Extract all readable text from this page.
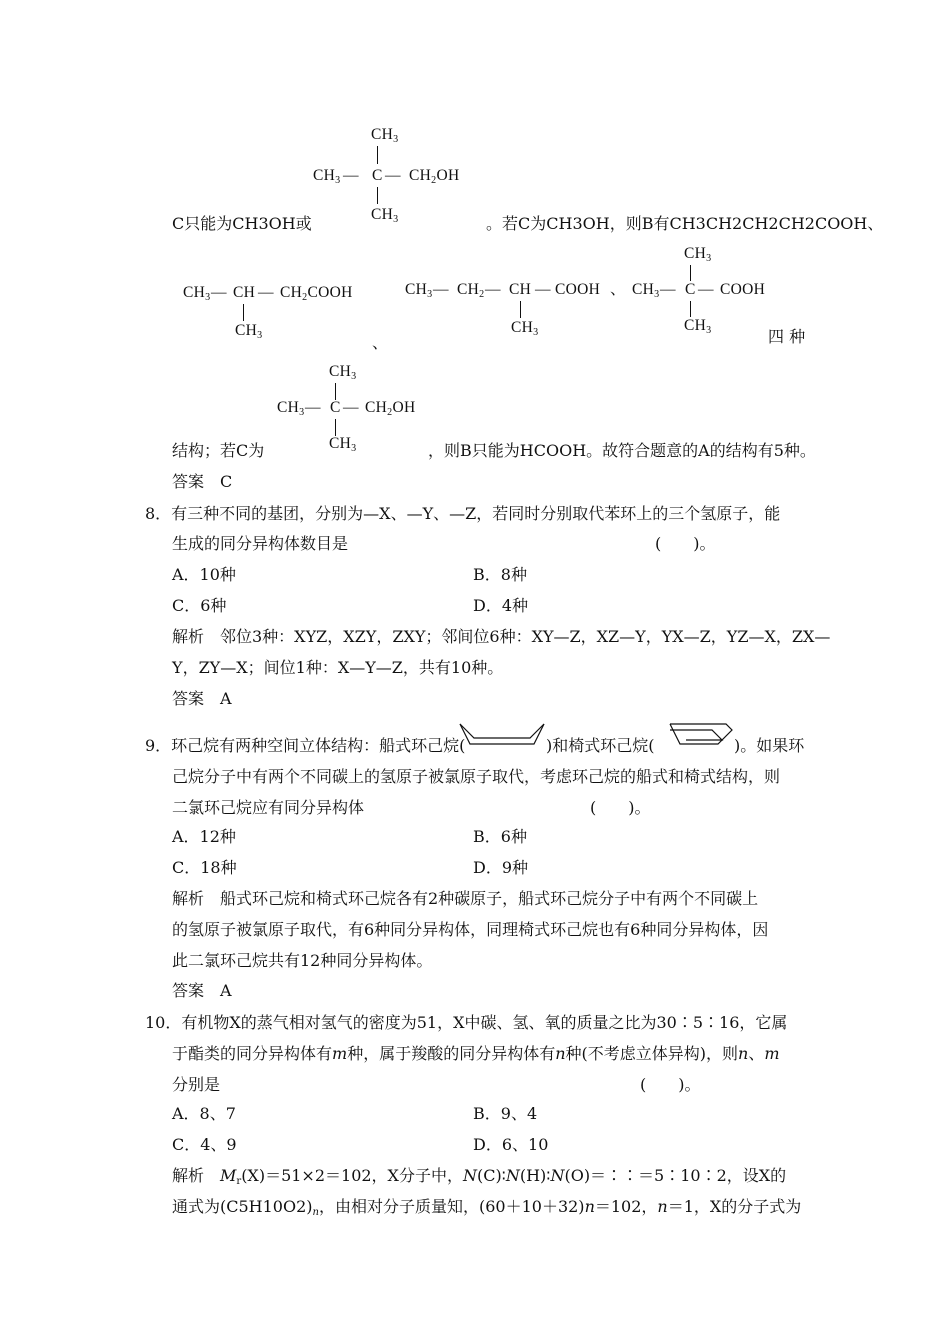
$CH_3$
$CH_3$ — C — $CH_2OH$
$CH_3$
C只能为CH3OH或	。若C为CH3OH，则B有CH3CH2CH2CH2COOH、
$CH_3$ — CH — $CH_2COOH$
$CH_3$	、
$CH_3$ — $CH_2$ — CH — COOH
$CH_3$
、
$CH_3$
$CH_3$ — C — COOH
$CH_3$	四 种
$CH_3$
$CH_3$ — C — $CH_2OH$
$CH_3$
结构；若C为	，则B只能为HCOOH。故符合题意的A的结构有5种。
答案　C
8．有三种不同的基团，分别为—X、—Y、—Z，若同时分别取代苯环上的三个氢原子，能
生成的同分异构体数目是	(　　)。
A．10种	B．8种
C．6种	D．4种
解析　邻位3种：XYZ，XZY，ZXY；邻间位6种：XY—Z，XZ—Y，YX—Z，YZ—X，ZX—
Y，ZY—X；间位1种：X—Y—Z，共有10种。
答案　A
9．环己烷有两种空间立体结构：船式环己烷(	)和椅式环己烷(	)。如果环
己烷分子中有两个不同碳上的氢原子被氯原子取代，考虑环己烷的船式和椅式结构，则
二氯环己烷应有同分异构体	(　　)。
A．12种	B．6种
C．18种	D．9种
解析　船式环己烷和椅式环己烷各有2种碳原子，船式环己烷分子中有两个不同碳上
的氢原子被氯原子取代，有6种同分异构体，同理椅式环己烷也有6种同分异构体，因
此二氯环己烷共有12种同分异构体。
答案　A
10．有机物X的蒸气相对氢气的密度为51，X中碳、氢、氧的质量之比为30∶5∶16，它属
于酯类的同分异构体有m种，属于羧酸的同分异构体有n种(不考虑立体异构)，则n、m
分别是	(　　)。
A．8、7	B．9、4
C．4、9	D．6、10
解析　$M_r(X)=51\times 2=102$，X分子中，N(C)∶N(H)∶N(O)＝∶∶＝5∶10∶2，设X的
通式为$(C5H10O2)_n$，由相对分子质量知，(60＋10＋32)n＝102，n＝1，X的分子式为
